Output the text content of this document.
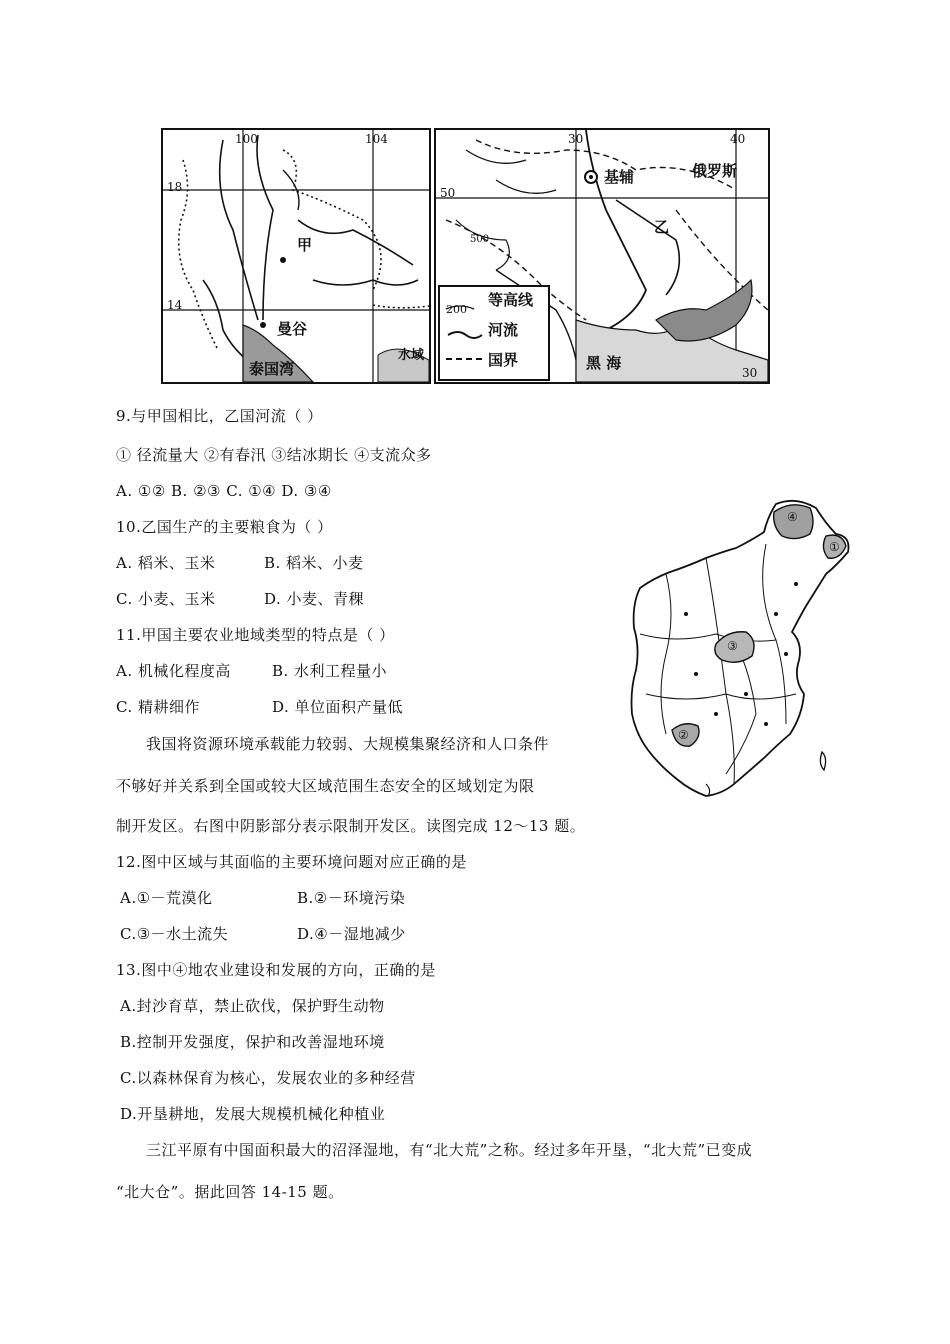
100	104
18
14
甲
曼谷
泰国湾
水域
30	40
50
500
30
基辅	俄罗斯
乙
黑 海
200
等高线
河流
国界
④
①
③
②
9.与甲国相比，乙国河流（ ）
① 径流量大 ②有春汛 ③结冰期长 ④支流众多
A. ①② B. ②③ C. ①④ D. ③④
10.乙国生产的主要粮食为（ ）
A. 稻米、玉米	B. 稻米、小麦
C. 小麦、玉米	D. 小麦、青稞
11.甲国主要农业地域类型的特点是（ ）
A. 机械化程度高	B. 水利工程量小
C. 精耕细作	D. 单位面积产量低
我国将资源环境承载能力较弱、大规模集聚经济和人口条件
不够好并关系到全国或较大区域范围生态安全的区域划定为限
制开发区。右图中阴影部分表示限制开发区。读图完成 12～13 题。
12.图中区域与其面临的主要环境问题对应正确的是
A.①－荒漠化	B.②－环境污染
C.③－水土流失	D.④－湿地减少
13.图中④地农业建设和发展的方向，正确的是
A.封沙育草，禁止砍伐，保护野生动物
B.控制开发强度，保护和改善湿地环境
C.以森林保育为核心，发展农业的多种经营
D.开垦耕地，发展大规模机械化种植业
三江平原有中国面积最大的沼泽湿地，有“北大荒”之称。经过多年开垦，“北大荒”已变成
“北大仓”。据此回答 14-15 题。
